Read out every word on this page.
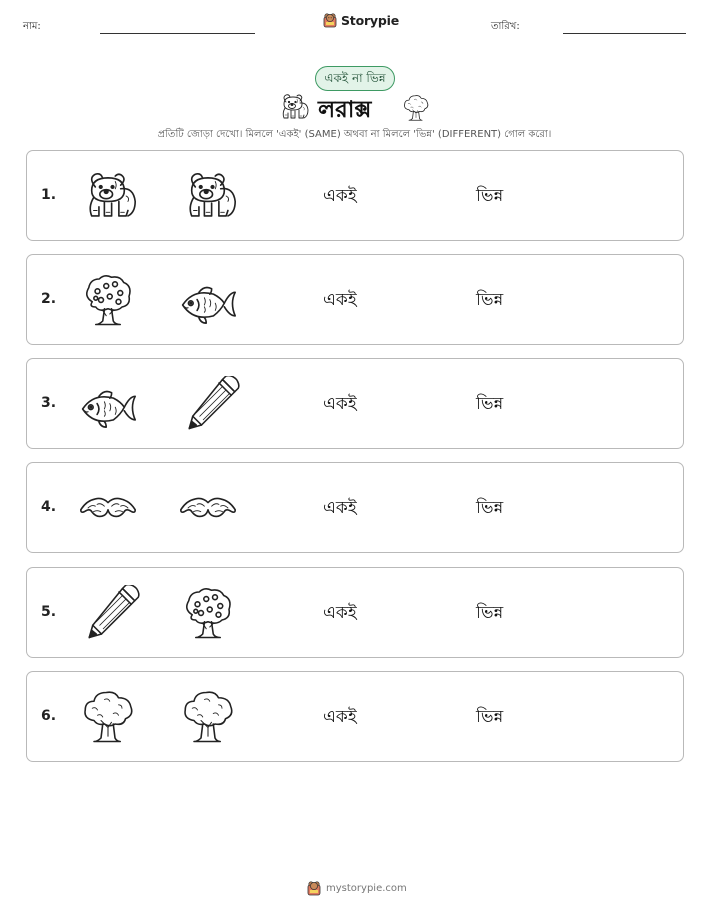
নাম:	Storypie	তারিখ:
একই না ভিন্ন
লরাক্স
প্রতিটি জোড়া দেখো। মিললে 'একই' (SAME) অথবা না মিললে 'ভিন্ন' (DIFFERENT) গোল করো।
1.	একই	ভিন্ন
2.	একই	ভিন্ন
3.	একই	ভিন্ন
4.	একই	ভিন্ন
5.	একই	ভিন্ন
6.	একই	ভিন্ন
mystorypie.com
